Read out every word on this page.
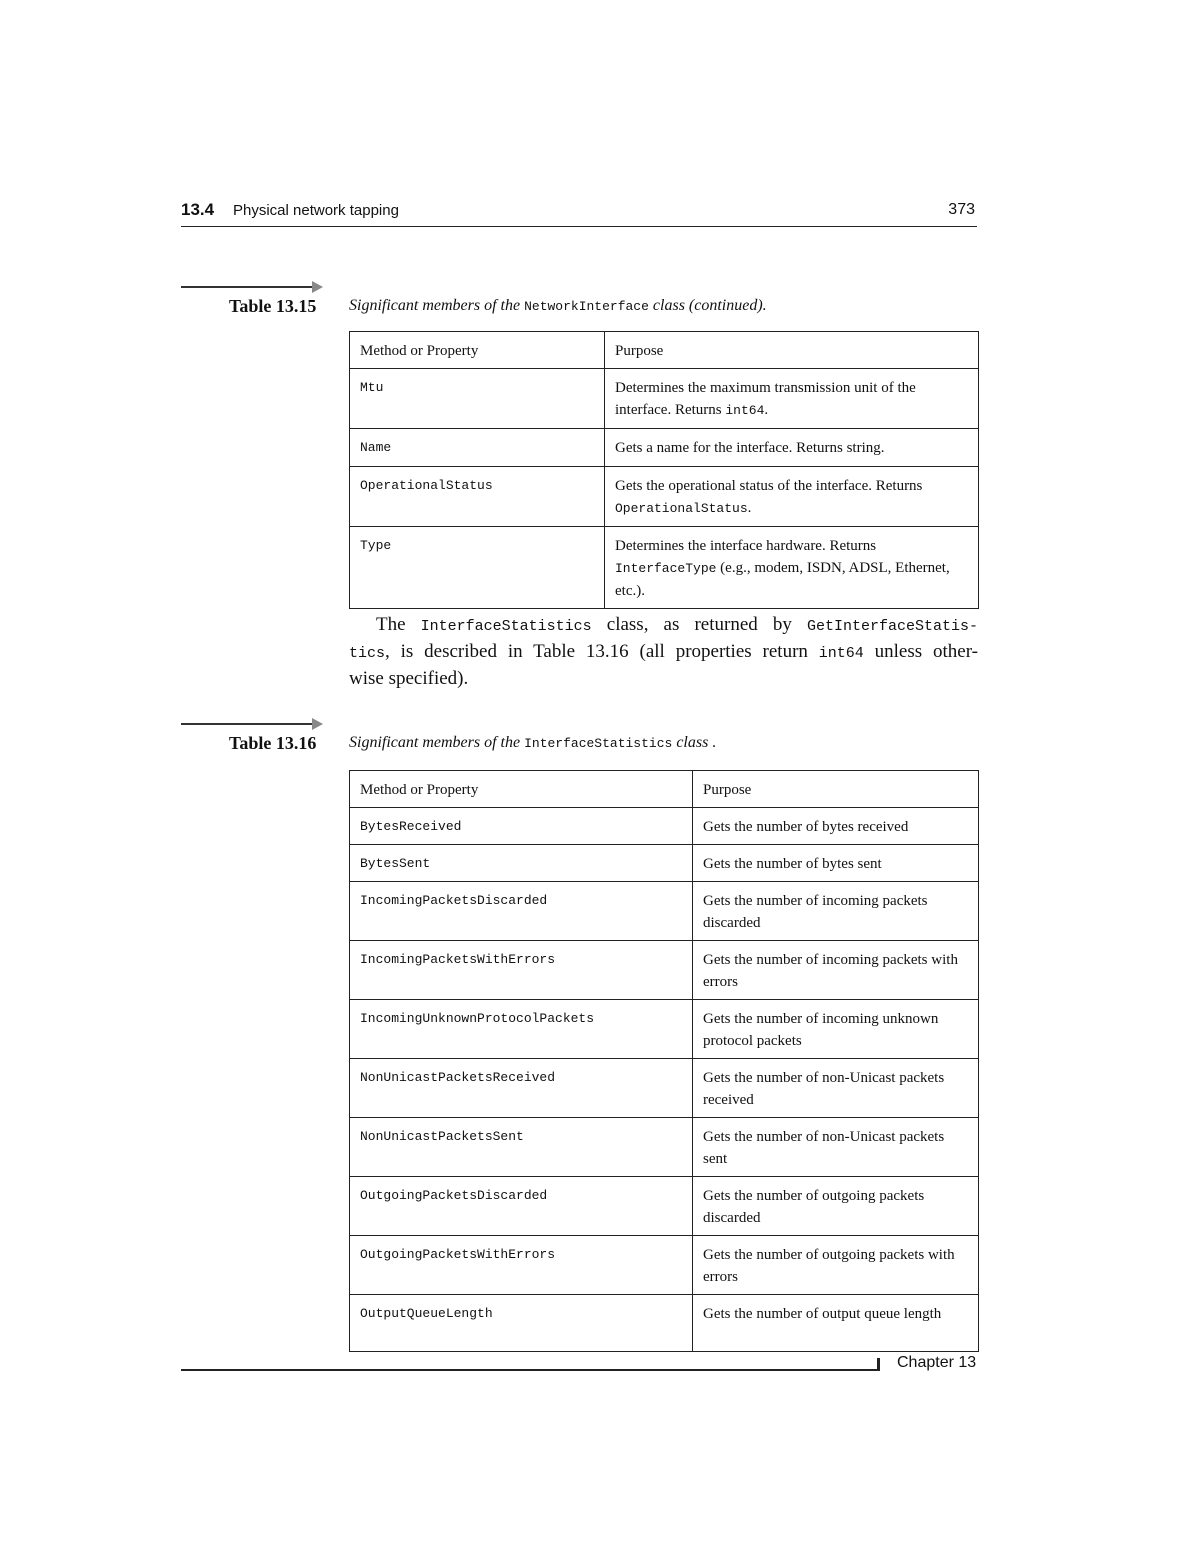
13.4 Physical network tapping	373
Table 13.15 Significant members of the NetworkInterface class (continued).
Method or Property	Purpose
Mtu	Determines the maximum transmission unit of the interface. Returns int64.
Name	Gets a name for the interface. Returns string.
OperationalStatus	Gets the operational status of the interface. Returns OperationalStatus.
Type	Determines the interface hardware. Returns InterfaceType (e.g., modem, ISDN, ADSL, Ethernet, etc.).

The InterfaceStatistics class, as returned by GetInterfaceStatis-
tics, is described in Table 13.16 (all properties return int64 unless other-
wise specified).

Table 13.16 Significant members of the InterfaceStatistics class .
Method or Property	Purpose
BytesReceived	Gets the number of bytes received
BytesSent	Gets the number of bytes sent
IncomingPacketsDiscarded	Gets the number of incoming packets discarded
IncomingPacketsWithErrors	Gets the number of incoming packets with errors
IncomingUnknownProtocolPackets	Gets the number of incoming unknown protocol packets
NonUnicastPacketsReceived	Gets the number of non-Unicast packets received
NonUnicastPacketsSent	Gets the number of non-Unicast packets sent
OutgoingPacketsDiscarded	Gets the number of outgoing packets discarded
OutgoingPacketsWithErrors	Gets the number of outgoing packets with errors
OutputQueueLength	Gets the number of output queue length
Chapter 13
